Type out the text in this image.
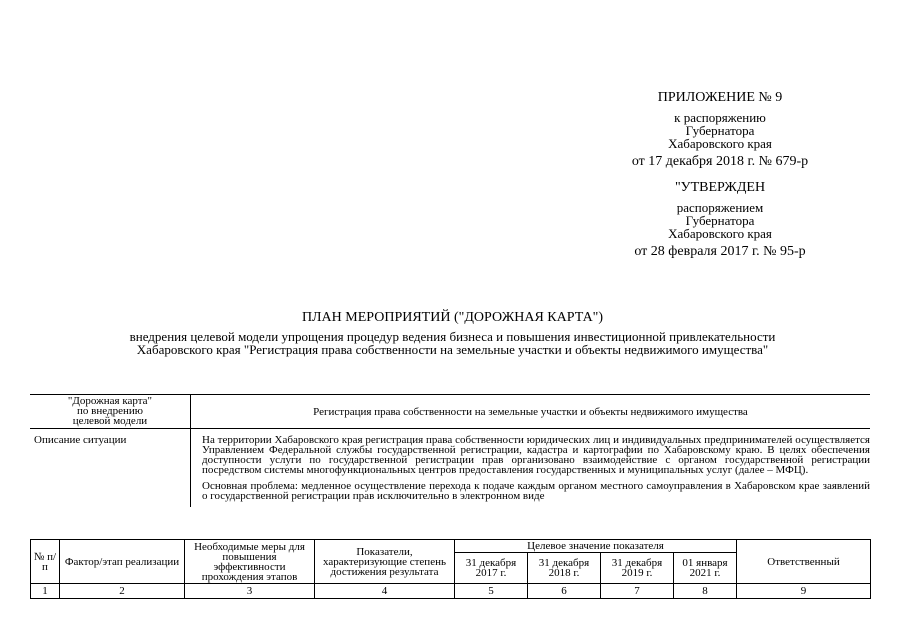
ПРИЛОЖЕНИЕ № 9
к распоряжению
Губернатора
Хабаровского края
от 17 декабря 2018 г. № 679-р
"УТВЕРЖДЕН
распоряжением
Губернатора
Хабаровского края
от 28 февраля 2017 г. № 95-р
ПЛАН МЕРОПРИЯТИЙ ("ДОРОЖНАЯ КАРТА")
внедрения целевой модели упрощения процедур ведения бизнеса и повышения инвестиционной привлекательности
Хабаровского края "Регистрация права собственности на земельные участки и объекты недвижимого имущества"
"Дорожная карта"
по внедрению
целевой модели	Регистрация права собственности на земельные участки и объекты недвижимого имущества
Описание ситуации	На территории Хабаровского края регистрация права собственности юридических лиц и индивидуальных предпринимателей осуществляется Управлением Федеральной службы государственной регистрации, кадастра и картографии по Хабаровскому краю. В целях обеспечения доступности услуги по государственной регистрации прав организовано взаимодействие с органом государственной регистрации посредством системы многофункциональных центров предоставления государственных и муниципальных услуг (далее – МФЦ).
Основная проблема: медленное осуществление перехода к подаче каждым органом местного самоуправления в Хабаровском крае заявлений о государственной регистрации прав исключительно в электронном виде
№ п/п	Фактор/этап реализации	Необходимые меры для повышения эффективности прохождения этапов	Показатели, характеризующие степень достижения результата	Целевое значение показателя				Ответственный
				31 декабря 2017 г.	31 декабря 2018 г.	31 декабря 2019 г.	01 января 2021 г.	
1	2	3	4	5	6	7	8	9
